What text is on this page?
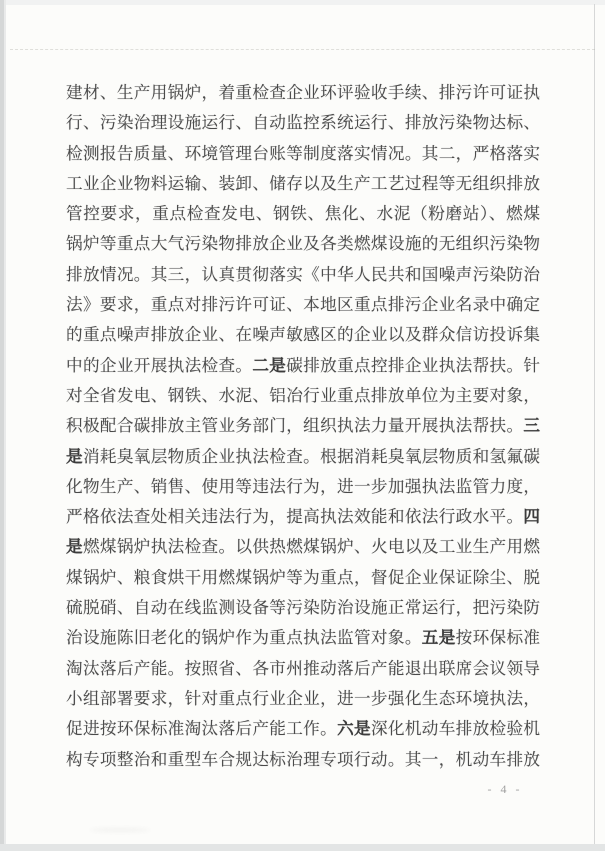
建材、生产用锅炉，着重检查企业环评验收手续、排污许可证执
行、污染治理设施运行、自动监控系统运行、排放污染物达标、
检测报告质量、环境管理台账等制度落实情况。其二，严格落实
工业企业物料运输、装卸、储存以及生产工艺过程等无组织排放
管控要求，重点检查发电、钢铁、焦化、水泥（粉磨站）、燃煤
锅炉等重点大气污染物排放企业及各类燃煤设施的无组织污染物
排放情况。其三，认真贯彻落实《中华人民共和国噪声污染防治
法》要求，重点对排污许可证、本地区重点排污企业名录中确定
的重点噪声排放企业、在噪声敏感区的企业以及群众信访投诉集
中的企业开展执法检查。二是碳排放重点控排企业执法帮扶。针
对全省发电、钢铁、水泥、铝冶行业重点排放单位为主要对象，
积极配合碳排放主管业务部门，组织执法力量开展执法帮扶。三
是消耗臭氧层物质企业执法检查。根据消耗臭氧层物质和氢氟碳
化物生产、销售、使用等违法行为，进一步加强执法监管力度，
严格依法查处相关违法行为，提高执法效能和依法行政水平。四
是燃煤锅炉执法检查。以供热燃煤锅炉、火电以及工业生产用燃
煤锅炉、粮食烘干用燃煤锅炉等为重点，督促企业保证除尘、脱
硫脱硝、自动在线监测设备等污染防治设施正常运行，把污染防
治设施陈旧老化的锅炉作为重点执法监管对象。五是按环保标准
淘汰落后产能。按照省、各市州推动落后产能退出联席会议领导
小组部署要求，针对重点行业企业，进一步强化生态环境执法，
促进按环保标准淘汰落后产能工作。六是深化机动车排放检验机
构专项整治和重型车合规达标治理专项行动。其一，机动车排放
- 4 -
